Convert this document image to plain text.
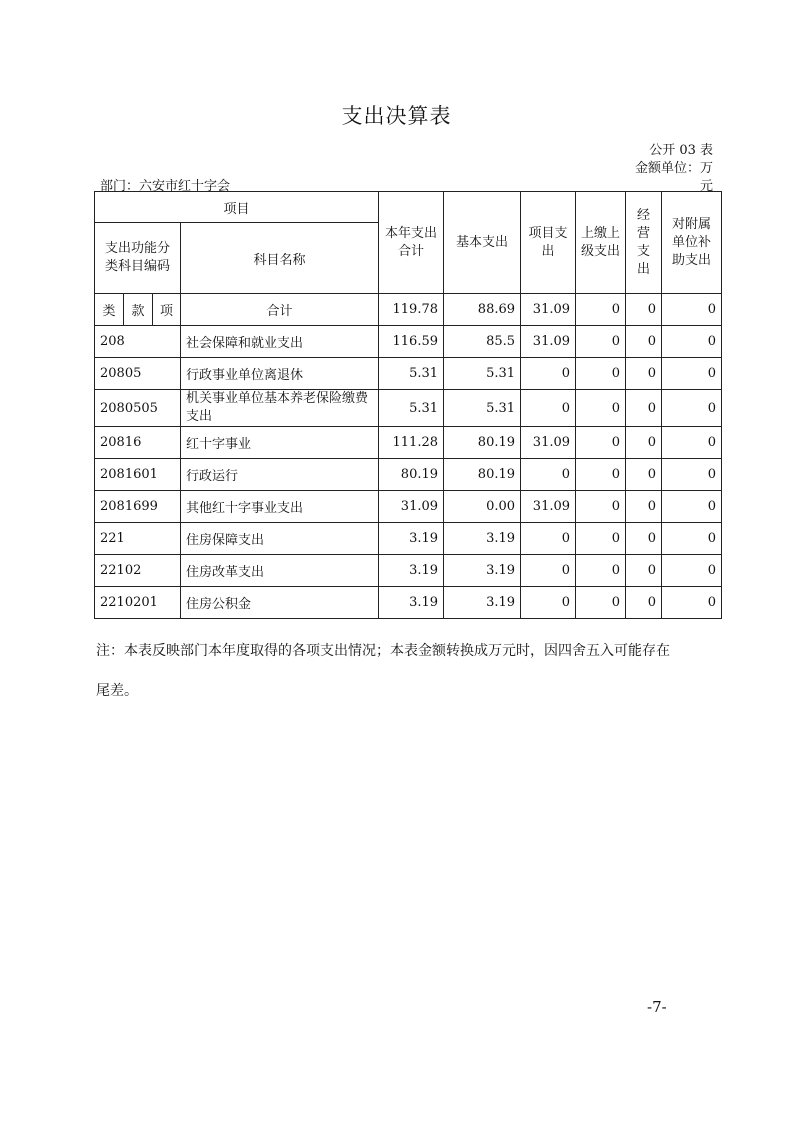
支出决算表
公开 03 表
金额单位：万
元
部门：六安市红十字会
项目				本年支出合计	基本支出	项目支出	上缴上级支出	经营支出	对附属单位补助支出
支出功能分类科目编码			科目名称						
类	款	项	合计	119.78	88.69	31.09	0	0	0
208			社会保障和就业支出	116.59	85.5	31.09	0	0	0
20805			行政事业单位离退休	5.31	5.31	0	0	0	0
2080505			机关事业单位基本养老保险缴费支出	5.31	5.31	0	0	0	0
20816			红十字事业	111.28	80.19	31.09	0	0	0
2081601			行政运行	80.19	80.19	0	0	0	0
2081699			其他红十字事业支出	31.09	0.00	31.09	0	0	0
221			住房保障支出	3.19	3.19	0	0	0	0
22102			住房改革支出	3.19	3.19	0	0	0	0
2210201			住房公积金	3.19	3.19	0	0	0	0
注：本表反映部门本年度取得的各项支出情况；本表金额转换成万元时，因四舍五入可能存在
尾差。
-7-
